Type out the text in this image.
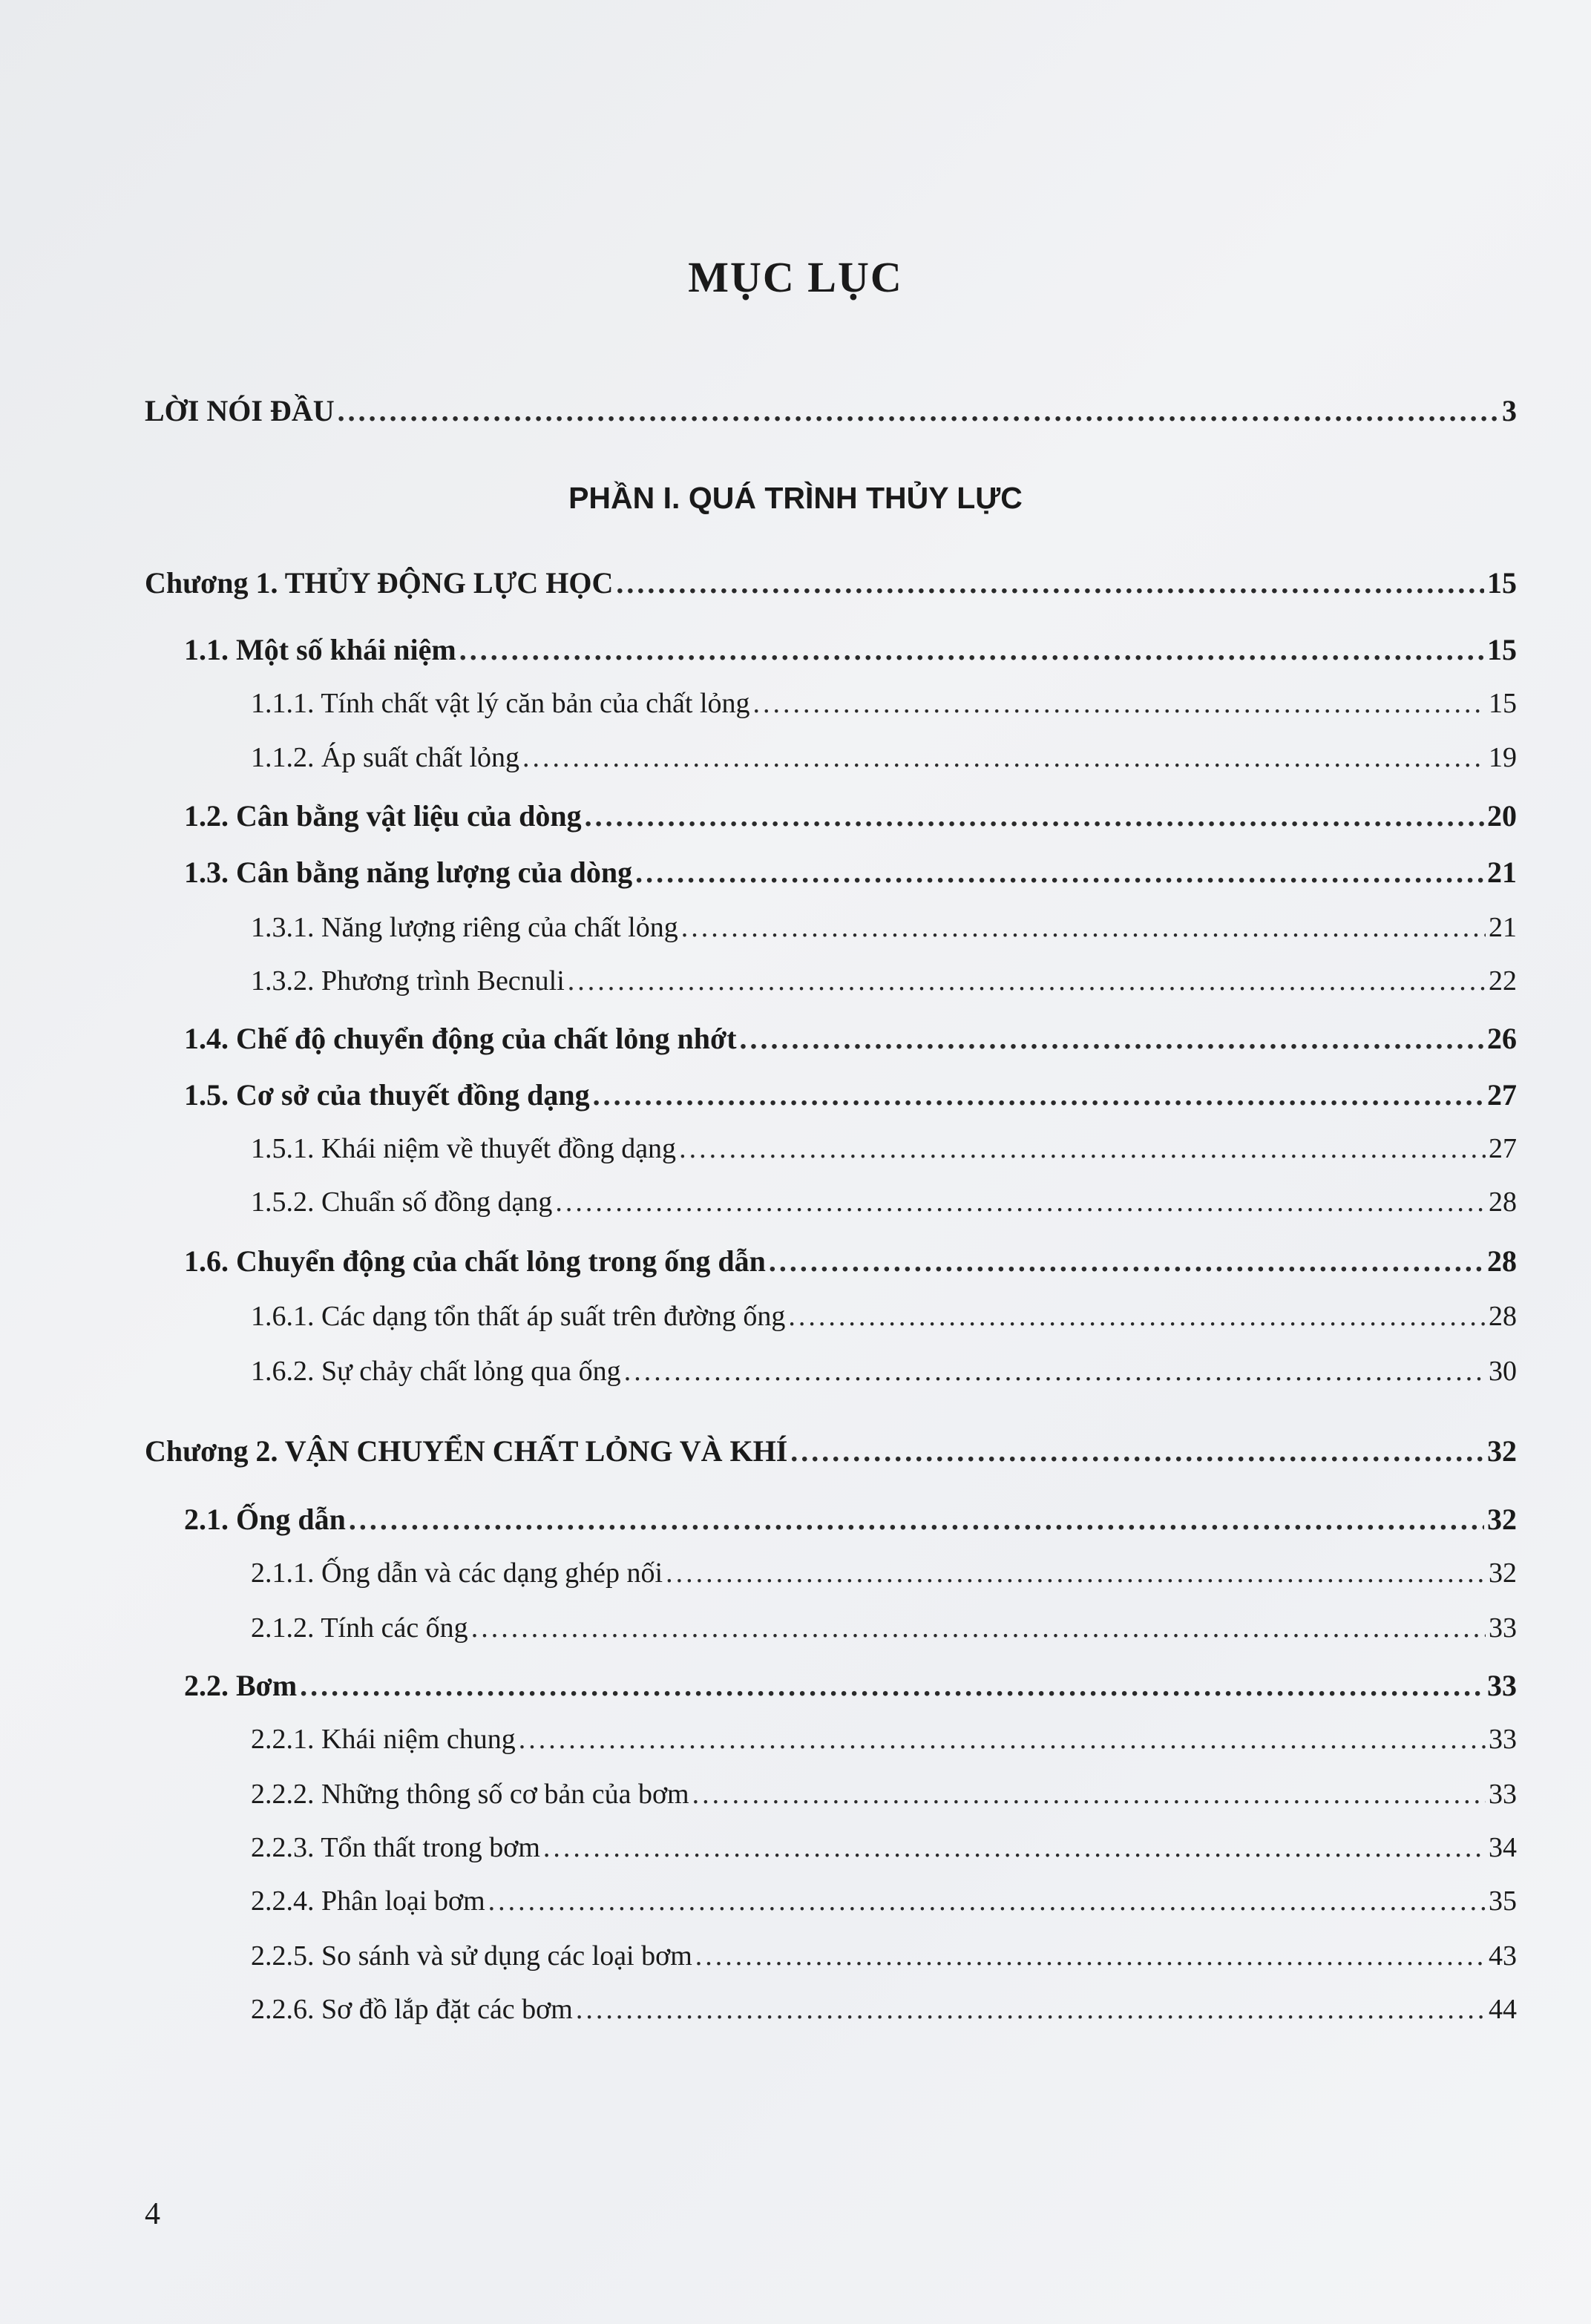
MỤC LỤC
LỜI NÓI ĐẦU .....	3
PHẦN I. QUÁ TRÌNH THỦY LỰC
Chương 1. THỦY ĐỘNG LỰC HỌC .....	15
1.1. Một số khái niệm .....	15
1.1.1. Tính chất vật lý căn bản của chất lỏng .....	15
1.1.2. Áp suất chất lỏng .....	19
1.2. Cân bằng vật liệu của dòng .....	20
1.3. Cân bằng năng lượng của dòng .....	21
1.3.1. Năng lượng riêng của chất lỏng .....	21
1.3.2. Phương trình Becnuli .....	22
1.4. Chế độ chuyển động của chất lỏng nhớt .....	26
1.5. Cơ sở của thuyết đồng dạng .....	27
1.5.1. Khái niệm về thuyết đồng dạng .....	27
1.5.2. Chuẩn số đồng dạng .....	28
1.6. Chuyển động của chất lỏng trong ống dẫn .....	28
1.6.1. Các dạng tổn thất áp suất trên đường ống .....	28
1.6.2. Sự chảy chất lỏng qua ống .....	30
Chương 2. VẬN CHUYỂN CHẤT LỎNG VÀ KHÍ .....	32
2.1. Ống dẫn .....	32
2.1.1. Ống dẫn và các dạng ghép nối .....	32
2.1.2. Tính các ống .....	33
2.2. Bơm .....	33
2.2.1. Khái niệm chung .....	33
2.2.2. Những thông số cơ bản của bơm .....	33
2.2.3. Tổn thất trong bơm .....	34
2.2.4. Phân loại bơm .....	35
2.2.5. So sánh và sử dụng các loại bơm .....	43
2.2.6. Sơ đồ lắp đặt các bơm .....	44
4
